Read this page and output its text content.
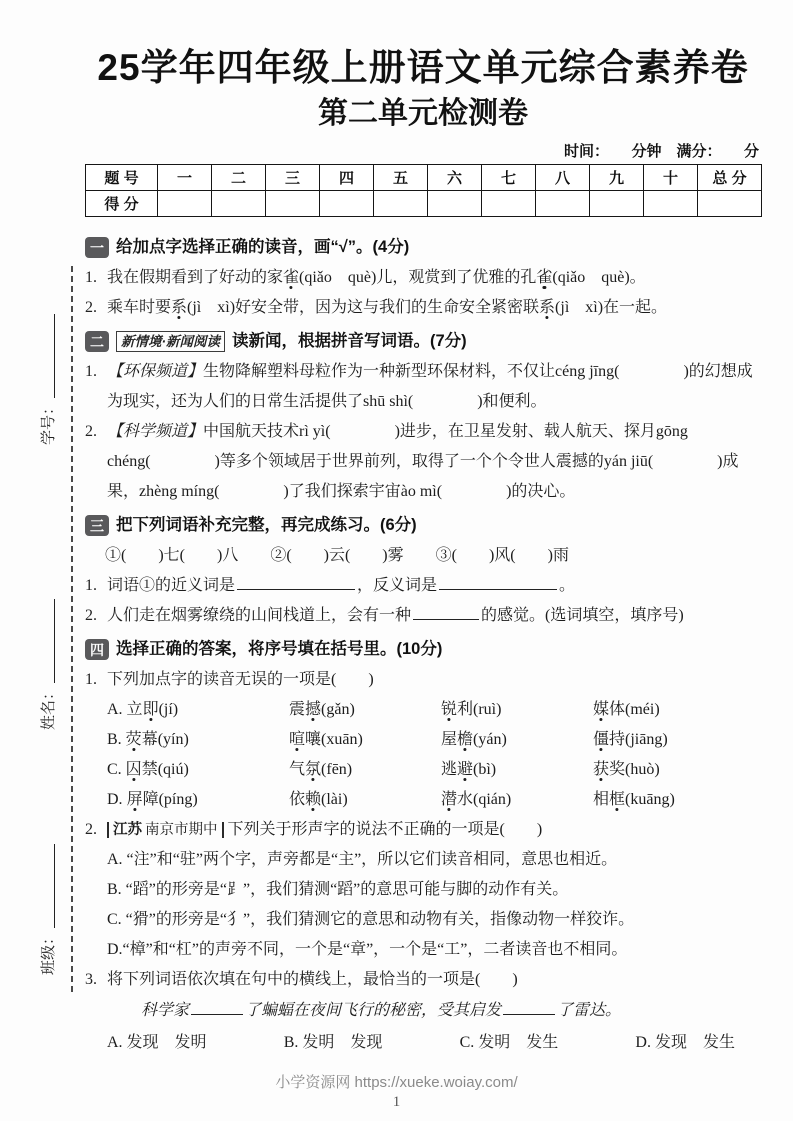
学号：
姓名：
班级：
25学年四年级上册语文单元综合素养卷
第二单元检测卷
时间：　　分钟　满分：　　分
题 号	一	二	三	四	五	六	七	八	九	十	总 分
得 分											
一 给加点字选择正确的读音，画“√”。(4分)
1. 我在假期看到了好动的家雀(qiǎo　què)儿，观赏到了优雅的孔雀(qiǎo　què)。
2. 乘车时要系(jì　xì)好安全带，因为这与我们的生命安全紧密联系(jì　xì)在一起。
二	新情境·新闻阅读 读新闻，根据拼音写词语。(7分)
1. 【环保频道】生物降解塑料母粒作为一种新型环保材料，不仅让céng jīng(　　　　)的幻想成为现实，还为人们的日常生活提供了shū shì(　　　　)和便利。
2. 【科学频道】中国航天技术rì yì(　　　　)进步，在卫星发射、载人航天、探月gōng chéng(　　　　)等多个领域居于世界前列，取得了一个个令世人震撼的yán jiū(　　　　)成果，zhèng míng(　　　　)了我们探索宇宙ào mì(　　　　)的决心。
三 把下列词语补充完整，再完成练习。(6分)
①(　　)七(　　)八　　②(　　)云(　　)雾　　③(　　)风(　　)雨
1. 词语①的近义词是	，反义词是	。
2. 人们走在烟雾缭绕的山间栈道上，会有一种	的感觉。(选词填空，填序号)
四 选择正确的答案，将序号填在括号里。(10分)
1. 下列加点字的读音无误的一项是(　　)
A. 立即(jí)	震撼(gǎn)	锐利(ruì)	媒体(méi)
B. 荧幕(yín)	喧嚷(xuān)	屋檐(yán)	僵持(jiāng)
C. 囚禁(qiú)	气氛(fēn)	逃避(bì)	获奖(huò)
D. 屏障(píng)	依赖(lài)	潜水(qián)	相框(kuāng)
2.	江苏 南京市期中 下列关于形声字的说法不正确的一项是(　　)
A. “注”和“驻”两个字，声旁都是“主”，所以它们读音相同，意思也相近。
B. “蹈”的形旁是“⻊”，我们猜测“蹈”的意思可能与脚的动作有关。
C. “猾”的形旁是“犭”，我们猜测它的意思和动物有关，指像动物一样狡诈。
D.“樟”和“杠”的声旁不同，一个是“章”，一个是“工”，二者读音也不相同。
3. 将下列词语依次填在句中的横线上，最恰当的一项是(　　)
科学家	了蝙蝠在夜间飞行的秘密，受其启发	了雷达。
A. 发现　发明	B. 发明　发现	C. 发明　发生	D. 发现　发生
小学资源网 https://xueke.woiay.com/
1
